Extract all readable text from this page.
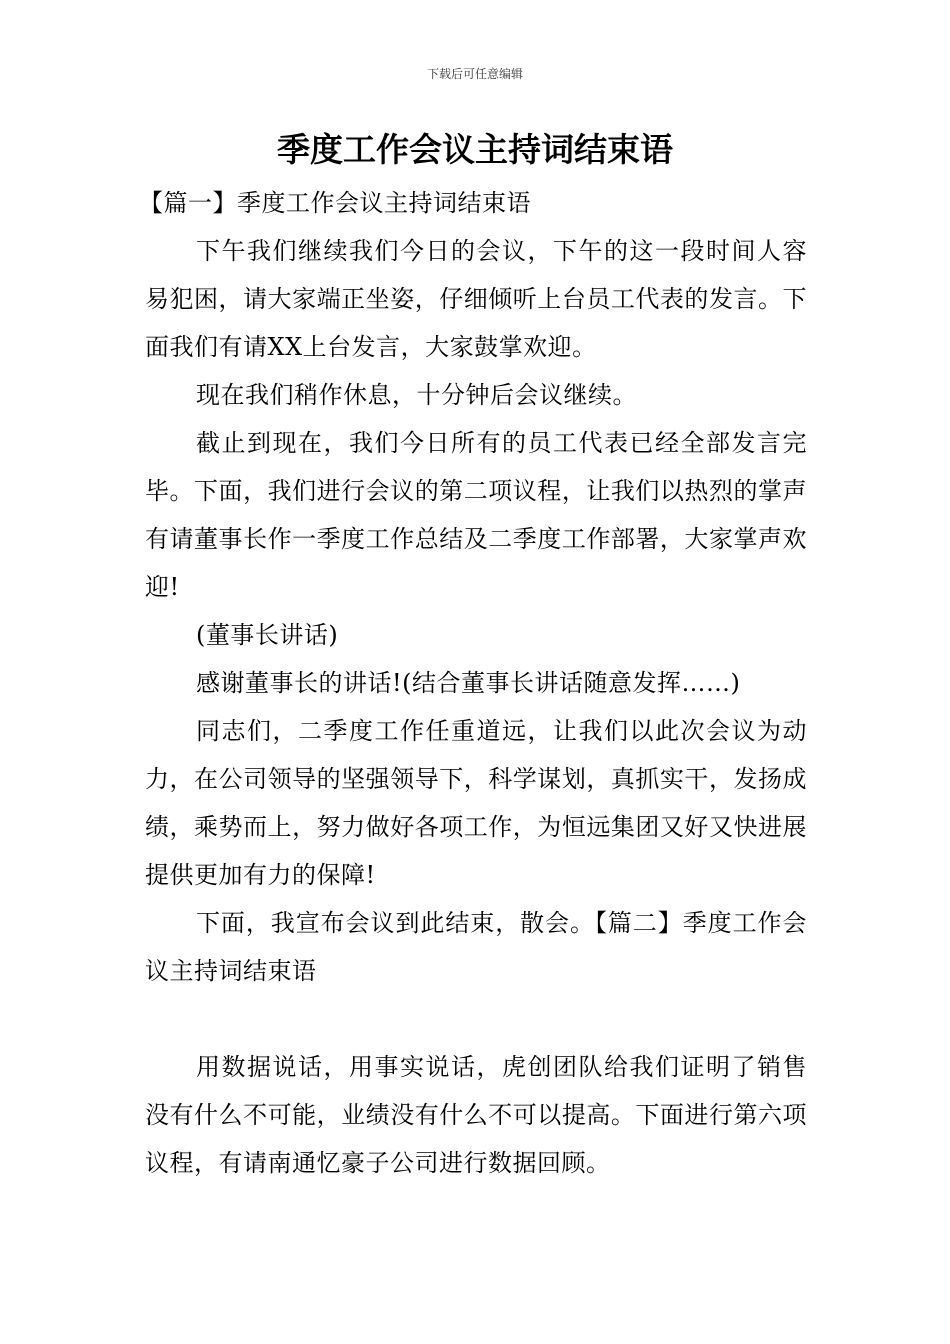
下载后可任意编辑
季度工作会议主持词结束语

【篇一】季度工作会议主持词结束语

下午我们继续我们今日的会议，下午的这一段时间人容易犯困，请大家端正坐姿，仔细倾听上台员工代表的发言。下面我们有请XX上台发言，大家鼓掌欢迎。

现在我们稍作休息，十分钟后会议继续。

截止到现在，我们今日所有的员工代表已经全部发言完毕。下面，我们进行会议的第二项议程，让我们以热烈的掌声有请董事长作一季度工作总结及二季度工作部署，大家掌声欢迎!

(董事长讲话)

感谢董事长的讲话!(结合董事长讲话随意发挥……)

同志们，二季度工作任重道远，让我们以此次会议为动力，在公司领导的坚强领导下，科学谋划，真抓实干，发扬成绩，乘势而上，努力做好各项工作，为恒远集团又好又快进展提供更加有力的保障!

下面，我宣布会议到此结束，散会。【篇二】季度工作会议主持词结束语

用数据说话，用事实说话，虎创团队给我们证明了销售没有什么不可能，业绩没有什么不可以提高。下面进行第六项议程，有请南通忆豪子公司进行数据回顾。
